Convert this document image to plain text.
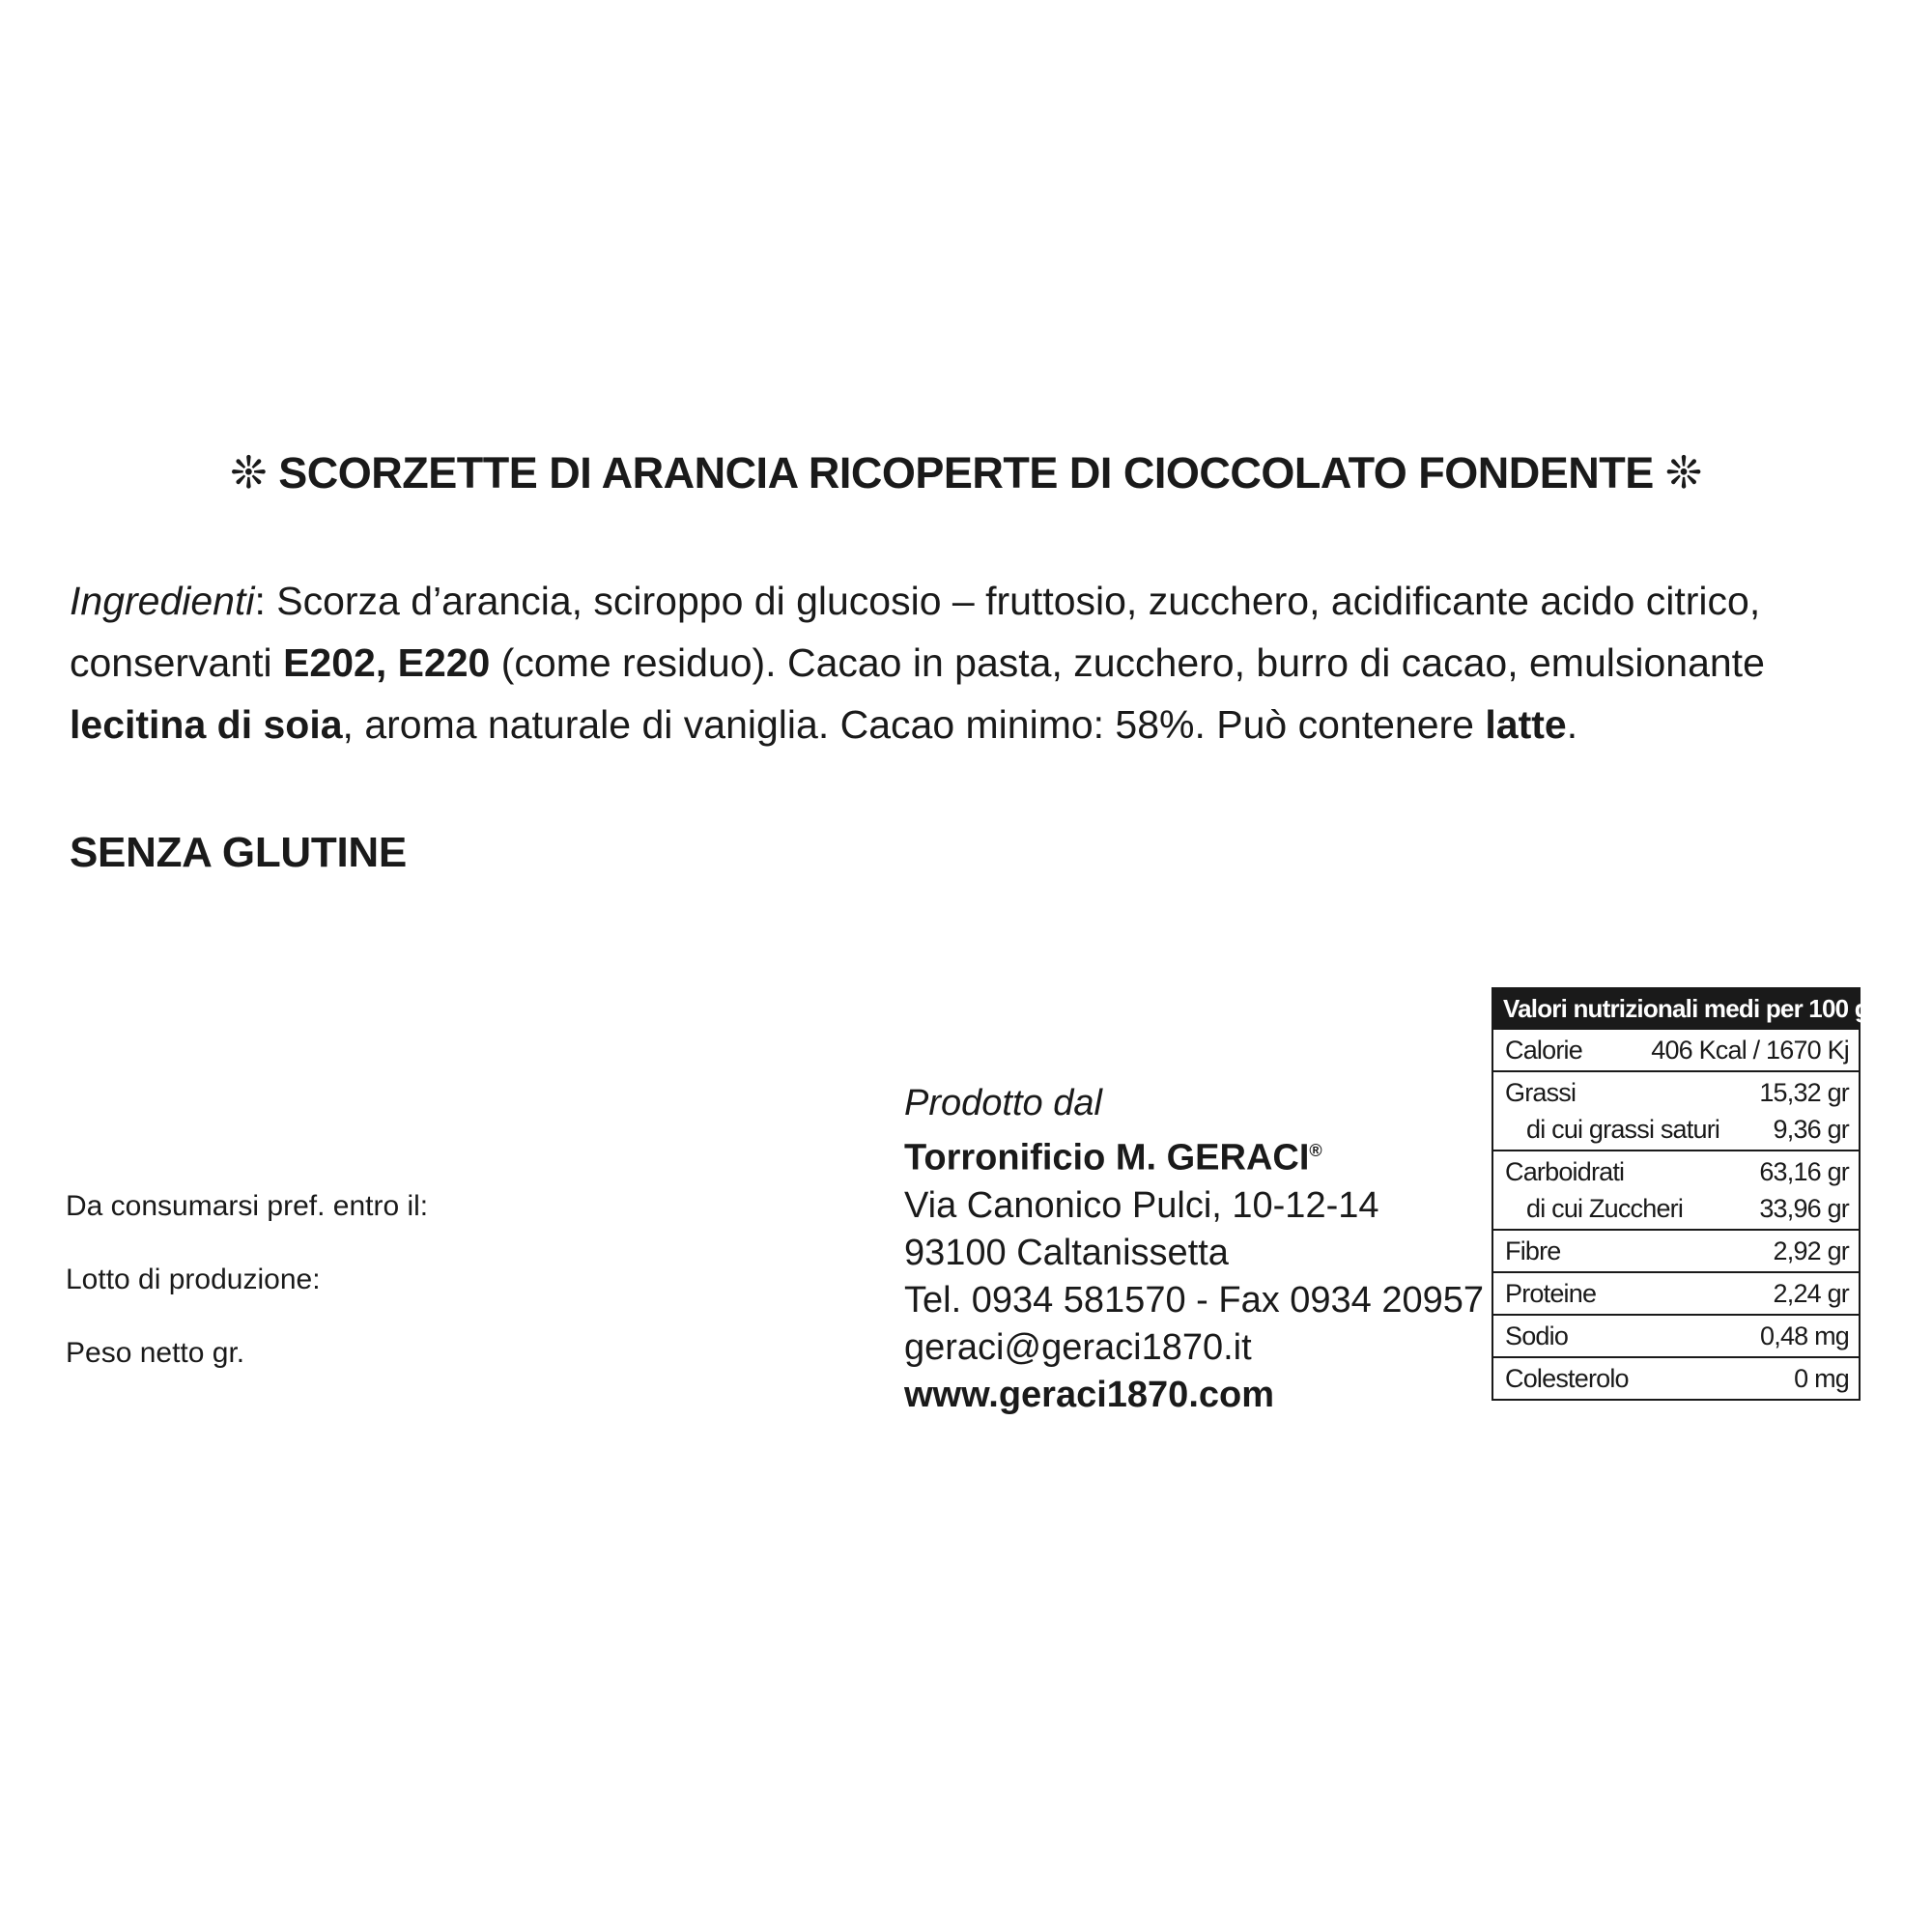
❊ SCORZETTE DI ARANCIA RICOPERTE DI CIOCCOLATO FONDENTE ❊
Ingredienti: Scorza d’arancia, sciroppo di glucosio – fruttosio, zucchero, acidificante acido citrico,
conservanti E202, E220 (come residuo). Cacao in pasta, zucchero, burro di cacao, emulsionante
lecitina di soia, aroma naturale di vaniglia. Cacao minimo: 58%. Può contenere latte.
SENZA GLUTINE
Da consumarsi pref. entro il:
Lotto di produzione:
Peso netto gr.
Prodotto dal
Torronificio M. GERACI®
Via Canonico Pulci, 10-12-14
93100 Caltanissetta
Tel. 0934 581570 - Fax 0934 20957
geraci@geraci1870.it
www.geraci1870.com
Valori nutrizionali medi per 100 g
Calorie	406 Kcal / 1670 Kj
Grassi	15,32 gr
di cui grassi saturi 9,36 gr
Carboidrati	63,16 gr
di cui Zuccheri	33,96 gr
Fibre	2,92 gr
Proteine	2,24 gr
Sodio	0,48 mg
Colesterolo	0 mg
